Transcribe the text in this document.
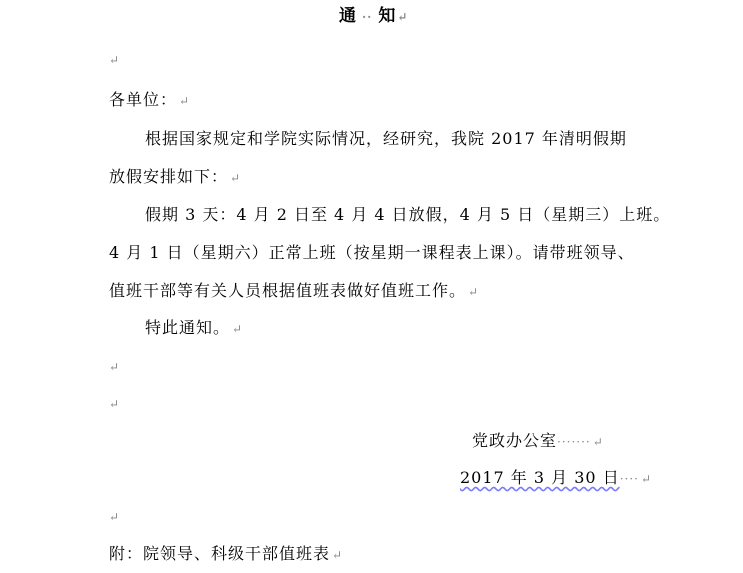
通 ·· 知 ↵
↵
各单位： ↵
根据国家规定和学院实际情况，经研究，我院 2017 年清明假期
放假安排如下： ↵
假期 3 天：4 月 2 日至 4 月 4 日放假，4 月 5 日（星期三）上班。
4 月 1 日（星期六）正常上班（按星期一课程表上课）。请带班领导、
值班干部等有关人员根据值班表做好值班工作。 ↵
特此通知。 ↵
↵
↵
党政办公室······· ↵
2017 年 3 月 30 日···· ↵
↵
附：院领导、科级干部值班表 ↵
